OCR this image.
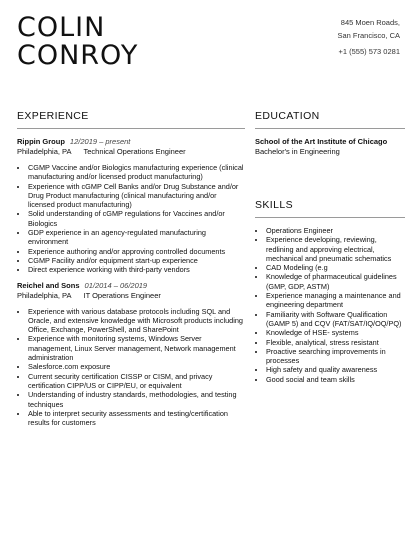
COLIN
CONROY
845 Moen Roads,
San Francisco, CA
+1 (555) 573 0281
EXPERIENCE
Rippin Group 12/2019 – present
Philadelphia, PA Technical Operations Engineer
• CGMP Vaccine and/or Biologics manufacturing experience (clinical manufacturing and/or licensed product manufacturing)
• Experience with cGMP Cell Banks and/or Drug Substance and/or Drug Product manufacturing (clinical manufacturing and/or licensed product manufacturing)
• Solid understanding of cGMP regulations for Vaccines and/or Biologics
• GDP experience in an agency-regulated manufacturing environment
• Experience authoring and/or approving controlled documents
• CGMP Facility and/or equipment start-up experience
• Direct experience working with third-party vendors
Reichel and Sons 01/2014 – 06/2019
Philadelphia, PA IT Operations Engineer
• Experience with various database protocols including SQL and Oracle, and extensive knowledge with Microsoft products including Office, Exchange, PowerShell, and SharePoint
• Experience with monitoring systems, Windows Server management, Linux Server management, Network management administration
• Salesforce.com exposure
• Current security certification CISSP or CISM, and privacy certification CIPP/US or CIPP/EU, or equivalent
• Understanding of industry standards, methodologies, and testing techniques
• Able to interpret security assessments and testing/certification results for customers
EDUCATION
School of the Art Institute of Chicago
Bachelor's in Engineering
SKILLS
• Operations Engineer
• Experience developing, reviewing, redlining and approving electrical, mechanical and pneumatic schematics
• CAD Modeling (e.g
• Knowledge of pharmaceutical guidelines (GMP, GDP, ASTM)
• Experience managing a maintenance and engineering department
• Familiarity with Software Qualification (GAMP 5) and CQV (FAT/SAT/IQ/OQ/PQ)
• Knowledge of HSE- systems
• Flexible, analytical, stress resistant
• Proactive searching improvements in processes
• High safety and quality awareness
• Good social and team skills
